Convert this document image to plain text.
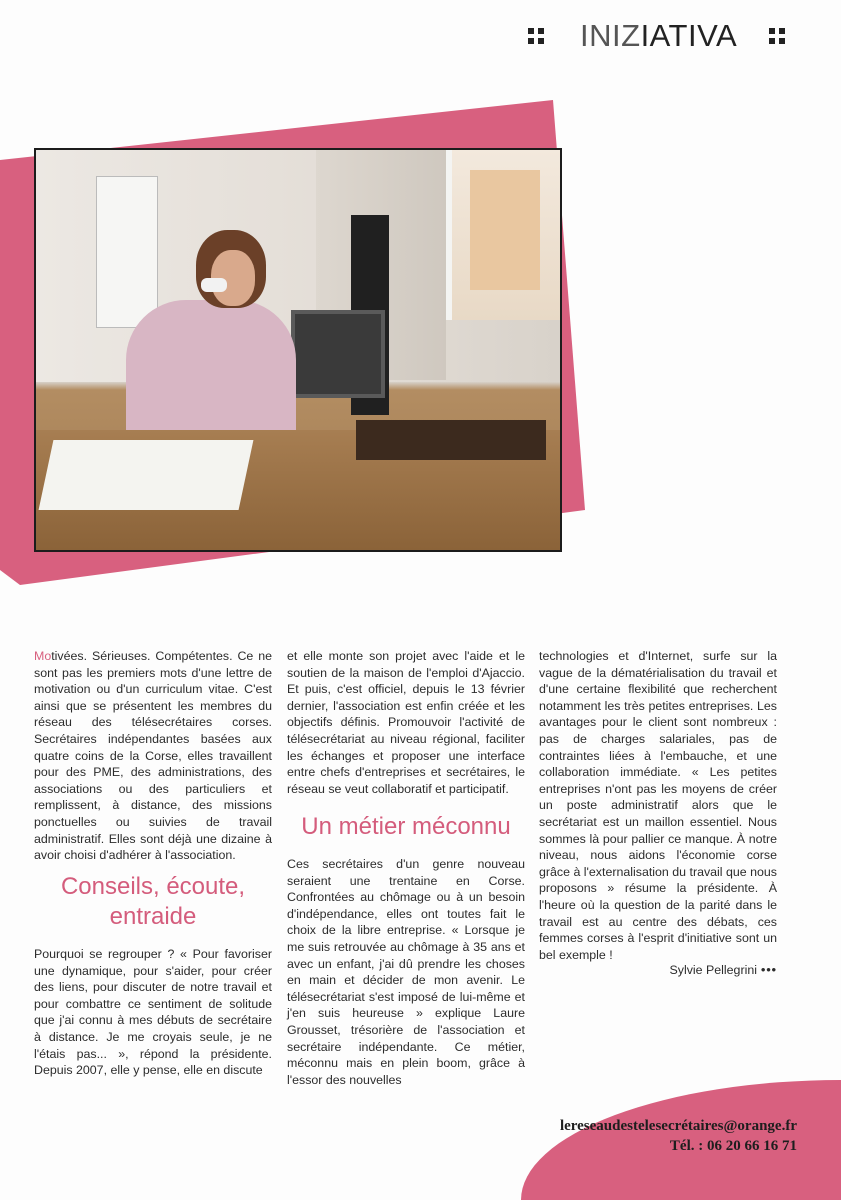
INIZIATIVA

Motivées. Sérieuses. Compétentes. Ce ne sont pas les premiers mots d'une lettre de motivation ou d'un curriculum vitae. C'est ainsi que se présentent les membres du réseau des télésecrétaires corses. Secrétaires indépendantes basées aux quatre coins de la Corse, elles travaillent pour des PME, des administrations, des associations ou des particuliers et remplissent, à distance, des missions ponctuelles ou suivies de travail administratif. Elles sont déjà une dizaine à avoir choisi d'adhérer à l'association.

Conseils, écoute, entraide

Pourquoi se regrouper ? « Pour favoriser une dynamique, pour s'aider, pour créer des liens, pour discuter de notre travail et pour combattre ce sentiment de solitude que j'ai connu à mes débuts de secrétaire à distance. Je me croyais seule, je ne l'étais pas... », répond la présidente. Depuis 2007, elle y pense, elle en discute

et elle monte son projet avec l'aide et le soutien de la maison de l'emploi d'Ajaccio. Et puis, c'est officiel, depuis le 13 février dernier, l'association est enfin créée et les objectifs définis. Promouvoir l'activité de télésecrétariat au niveau régional, faciliter les échanges et proposer une interface entre chefs d'entreprises et secrétaires, le réseau se veut collaboratif et participatif.

Un métier méconnu

Ces secrétaires d'un genre nouveau seraient une trentaine en Corse. Confrontées au chômage ou à un besoin d'indépendance, elles ont toutes fait le choix de la libre entreprise. « Lorsque je me suis retrouvée au chômage à 35 ans et avec un enfant, j'ai dû prendre les choses en main et décider de mon avenir. Le télésecrétariat s'est imposé de lui-même et j'en suis heureuse » explique Laure Grousset, trésorière de l'association et secrétaire indépendante. Ce métier, méconnu mais en plein boom, grâce à l'essor des nouvelles

technologies et d'Internet, surfe sur la vague de la dématérialisation du travail et d'une certaine flexibilité que recherchent notamment les très petites entreprises. Les avantages pour le client sont nombreux : pas de charges salariales, pas de contraintes liées à l'embauche, et une collaboration immédiate. « Les petites entreprises n'ont pas les moyens de créer un poste administratif alors que le secrétariat est un maillon essentiel. Nous sommes là pour pallier ce manque. À notre niveau, nous aidons l'économie corse grâce à l'externalisation du travail que nous proposons » résume la présidente. À l'heure où la question de la parité dans le travail est au centre des débats, ces femmes corses à l'esprit d'initiative sont un bel exemple !

Sylvie Pellegrini •••
lereseaudestelesecrétaires@orange.fr
Tél. : 06 20 66 16 71
